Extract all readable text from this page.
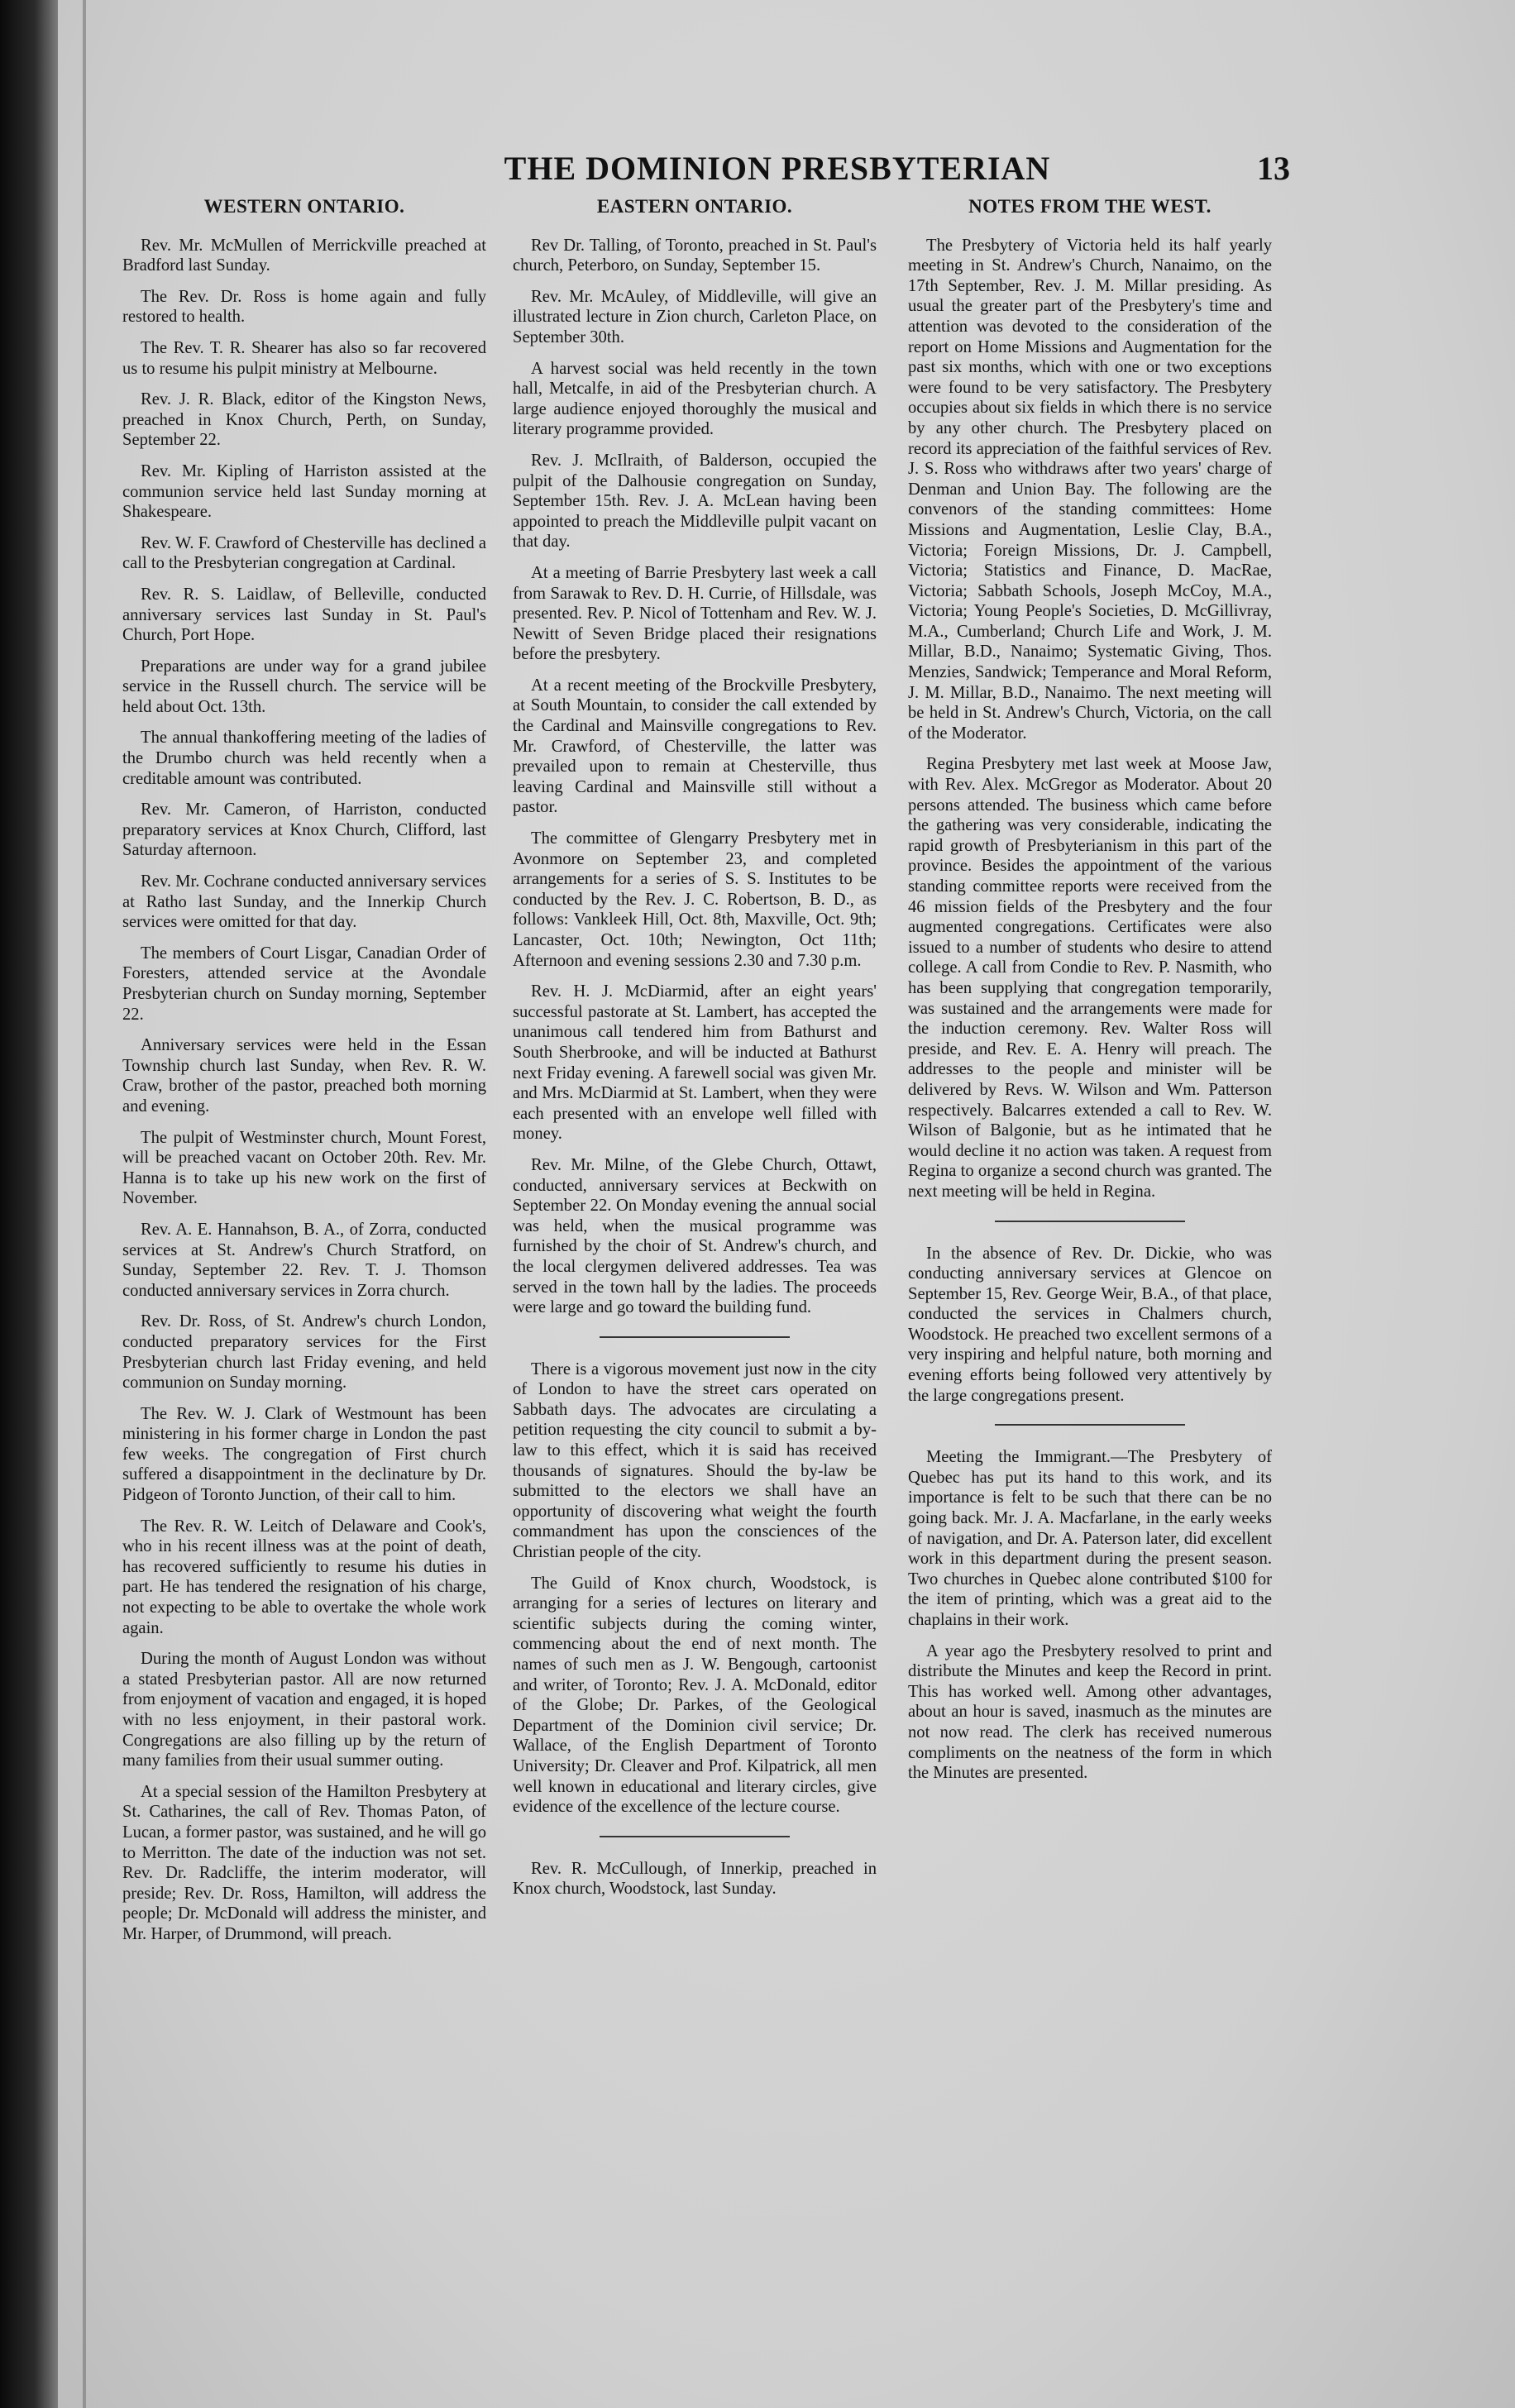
THE DOMINION PRESBYTERIAN	13
WESTERN ONTARIO.

Rev. Mr. McMullen of Merrickville preached at Bradford last Sunday.

The Rev. Dr. Ross is home again and fully restored to health.

The Rev. T. R. Shearer has also so far recovered us to resume his pulpit ministry at Melbourne.

Rev. J. R. Black, editor of the Kingston News, preached in Knox Church, Perth, on Sunday, September 22.

Rev. Mr. Kipling of Harriston assisted at the communion service held last Sunday morning at Shakespeare.

Rev. W. F. Crawford of Chesterville has declined a call to the Presbyterian congregation at Cardinal.

Rev. R. S. Laidlaw, of Belleville, conducted anniversary services last Sunday in St. Paul's Church, Port Hope.

Preparations are under way for a grand jubilee service in the Russell church. The service will be held about Oct. 13th.

The annual thankoffering meeting of the ladies of the Drumbo church was held recently when a creditable amount was contributed.

Rev. Mr. Cameron, of Harriston, conducted preparatory services at Knox Church, Clifford, last Saturday afternoon.

Rev. Mr. Cochrane conducted anniversary services at Ratho last Sunday, and the Innerkip Church services were omitted for that day.

The members of Court Lisgar, Canadian Order of Foresters, attended service at the Avondale Presbyterian church on Sunday morning, September 22.

Anniversary services were held in the Essan Township church last Sunday, when Rev. R. W. Craw, brother of the pastor, preached both morning and evening.

The pulpit of Westminster church, Mount Forest, will be preached vacant on October 20th. Rev. Mr. Hanna is to take up his new work on the first of November.

Rev. A. E. Hannahson, B. A., of Zorra, conducted services at St. Andrew's Church Stratford, on Sunday, September 22. Rev. T. J. Thomson conducted anniversary services in Zorra church.

Rev. Dr. Ross, of St. Andrew's church London, conducted preparatory services for the First Presbyterian church last Friday evening, and held communion on Sunday morning.

The Rev. W. J. Clark of Westmount has been ministering in his former charge in London the past few weeks. The congregation of First church suffered a disappointment in the declinature by Dr. Pidgeon of Toronto Junction, of their call to him.

The Rev. R. W. Leitch of Delaware and Cook's, who in his recent illness was at the point of death, has recovered sufficiently to resume his duties in part. He has tendered the resignation of his charge, not expecting to be able to overtake the whole work again.

During the month of August London was without a stated Presbyterian pastor. All are now returned from enjoyment of vacation and engaged, it is hoped with no less enjoyment, in their pastoral work. Congregations are also filling up by the return of many families from their usual summer outing.

At a special session of the Hamilton Presbytery at St. Catharines, the call of Rev. Thomas Paton, of Lucan, a former pastor, was sustained, and he will go to Merritton. The date of the induction was not set. Rev. Dr. Radcliffe, the interim moderator, will preside; Rev. Dr. Ross, Hamilton, will address the people; Dr. McDonald will address the minister, and Mr. Harper, of Drummond, will preach.

EASTERN ONTARIO.

Rev Dr. Talling, of Toronto, preached in St. Paul's church, Peterboro, on Sunday, September 15.

Rev. Mr. McAuley, of Middleville, will give an illustrated lecture in Zion church, Carleton Place, on September 30th.

A harvest social was held recently in the town hall, Metcalfe, in aid of the Presbyterian church. A large audience enjoyed thoroughly the musical and literary programme provided.

Rev. J. McIlraith, of Balderson, occupied the pulpit of the Dalhousie congregation on Sunday, September 15th. Rev. J. A. McLean having been appointed to preach the Middleville pulpit vacant on that day.

At a meeting of Barrie Presbytery last week a call from Sarawak to Rev. D. H. Currie, of Hillsdale, was presented. Rev. P. Nicol of Tottenham and Rev. W. J. Newitt of Seven Bridge placed their resignations before the presbytery.

At a recent meeting of the Brockville Presbytery, at South Mountain, to consider the call extended by the Cardinal and Mainsville congregations to Rev. Mr. Crawford, of Chesterville, the latter was prevailed upon to remain at Chesterville, thus leaving Cardinal and Mainsville still without a pastor.

The committee of Glengarry Presbytery met in Avonmore on September 23, and completed arrangements for a series of S. S. Institutes to be conducted by the Rev. J. C. Robertson, B. D., as follows: Vankleek Hill, Oct. 8th, Maxville, Oct. 9th; Lancaster, Oct. 10th; Newington, Oct 11th; Afternoon and evening sessions 2.30 and 7.30 p.m.

Rev. H. J. McDiarmid, after an eight years' successful pastorate at St. Lambert, has accepted the unanimous call tendered him from Bathurst and South Sherbrooke, and will be inducted at Bathurst next Friday evening. A farewell social was given Mr. and Mrs. McDiarmid at St. Lambert, when they were each presented with an envelope well filled with money.

Rev. Mr. Milne, of the Glebe Church, Ottawt, conducted, anniversary services at Beckwith on September 22. On Monday evening the annual social was held, when the musical programme was furnished by the choir of St. Andrew's church, and the local clergymen delivered addresses. Tea was served in the town hall by the ladies. The proceeds were large and go toward the building fund.

There is a vigorous movement just now in the city of London to have the street cars operated on Sabbath days. The advocates are circulating a petition requesting the city council to submit a by-law to this effect, which it is said has received thousands of signatures. Should the by-law be submitted to the electors we shall have an opportunity of discovering what weight the fourth commandment has upon the consciences of the Christian people of the city.

The Guild of Knox church, Woodstock, is arranging for a series of lectures on literary and scientific subjects during the coming winter, commencing about the end of next month. The names of such men as J. W. Bengough, cartoonist and writer, of Toronto; Rev. J. A. McDonald, editor of the Globe; Dr. Parkes, of the Geological Department of the Dominion civil service; Dr. Wallace, of the English Department of Toronto University; Dr. Cleaver and Prof. Kilpatrick, all men well known in educational and literary circles, give evidence of the excellence of the lecture course.

Rev. R. McCullough, of Innerkip, preached in Knox church, Woodstock, last Sunday.

NOTES FROM THE WEST.

The Presbytery of Victoria held its half yearly meeting in St. Andrew's Church, Nanaimo, on the 17th September, Rev. J. M. Millar presiding. As usual the greater part of the Presbytery's time and attention was devoted to the consideration of the report on Home Missions and Augmentation for the past six months, which with one or two exceptions were found to be very satisfactory. The Presbytery occupies about six fields in which there is no service by any other church. The Presbytery placed on record its appreciation of the faithful services of Rev. J. S. Ross who withdraws after two years' charge of Denman and Union Bay. The following are the convenors of the standing committees: Home Missions and Augmentation, Leslie Clay, B.A., Victoria; Foreign Missions, Dr. J. Campbell, Victoria; Statistics and Finance, D. MacRae, Victoria; Sabbath Schools, Joseph McCoy, M.A., Victoria; Young People's Societies, D. McGillivray, M.A., Cumberland; Church Life and Work, J. M. Millar, B.D., Nanaimo; Systematic Giving, Thos. Menzies, Sandwick; Temperance and Moral Reform, J. M. Millar, B.D., Nanaimo. The next meeting will be held in St. Andrew's Church, Victoria, on the call of the Moderator.

Regina Presbytery met last week at Moose Jaw, with Rev. Alex. McGregor as Moderator. About 20 persons attended. The business which came before the gathering was very considerable, indicating the rapid growth of Presbyterianism in this part of the province. Besides the appointment of the various standing committee reports were received from the 46 mission fields of the Presbytery and the four augmented congregations. Certificates were also issued to a number of students who desire to attend college. A call from Condie to Rev. P. Nasmith, who has been supplying that congregation temporarily, was sustained and the arrangements were made for the induction ceremony. Rev. Walter Ross will preside, and Rev. E. A. Henry will preach. The addresses to the people and minister will be delivered by Revs. W. Wilson and Wm. Patterson respectively. Balcarres extended a call to Rev. W. Wilson of Balgonie, but as he intimated that he would decline it no action was taken. A request from Regina to organize a second church was granted. The next meeting will be held in Regina.

In the absence of Rev. Dr. Dickie, who was conducting anniversary services at Glencoe on September 15, Rev. George Weir, B.A., of that place, conducted the services in Chalmers church, Woodstock. He preached two excellent sermons of a very inspiring and helpful nature, both morning and evening efforts being followed very attentively by the large congregations present.

Meeting the Immigrant.—The Presbytery of Quebec has put its hand to this work, and its importance is felt to be such that there can be no going back. Mr. J. A. Macfarlane, in the early weeks of navigation, and Dr. A. Paterson later, did excellent work in this department during the present season. Two churches in Quebec alone contributed $100 for the item of printing, which was a great aid to the chaplains in their work.

A year ago the Presbytery resolved to print and distribute the Minutes and keep the Record in print. This has worked well. Among other advantages, about an hour is saved, inasmuch as the minutes are not now read. The clerk has received numerous compliments on the neatness of the form in which the Minutes are presented.
